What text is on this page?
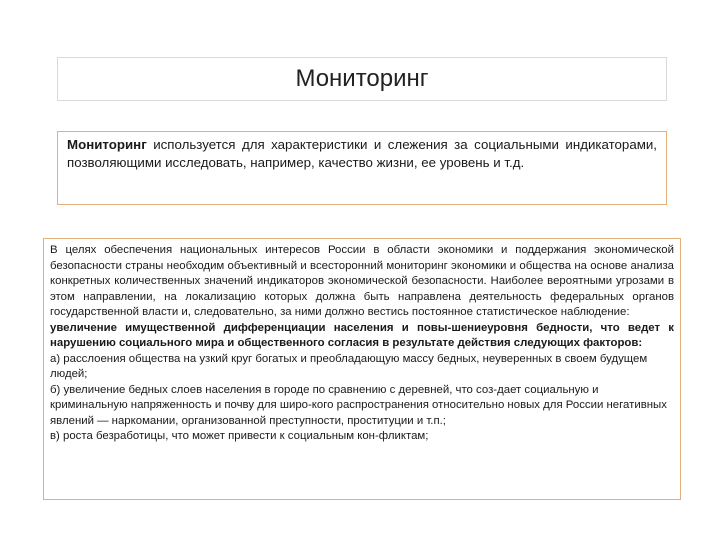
Мониторинг
Мониторинг используется для характеристики и слежения за социальными индикаторами, позволяющими исследовать, например, качество жизни, ее уровень и т.д.

В целях обеспечения национальных интересов России в области экономики и поддержания экономической безопасности страны необходим объективный и всесторонний мониторинг экономики и общества на основе анализа конкретных количественных значений индикаторов экономической безопасности. Наиболее вероятными угрозами в этом направлении, на локализацию которых должна быть направлена деятельность федеральных органов государственной власти и, следовательно, за ними должно вестись постоянное статистическое наблюдение:

увеличение имущественной дифференциации населения и повы-шениеуровня бедности, что ведет к нарушению социального мира и общественного согласия в результате действия следующих факторов:

а) расслоения общества на узкий круг богатых и преобладающую массу бедных, неуверенных в своем будущем людей;

б) увеличение бедных слоев населения в городе по сравнению с деревней, что соз-дает социальную и криминальную напряженность и почву для широ-кого распространения относительно новых для России негативных явлений — наркомании, организованной преступности, проституции и т.п.;

в) роста безработицы, что может привести к социальным кон-фликтам;
